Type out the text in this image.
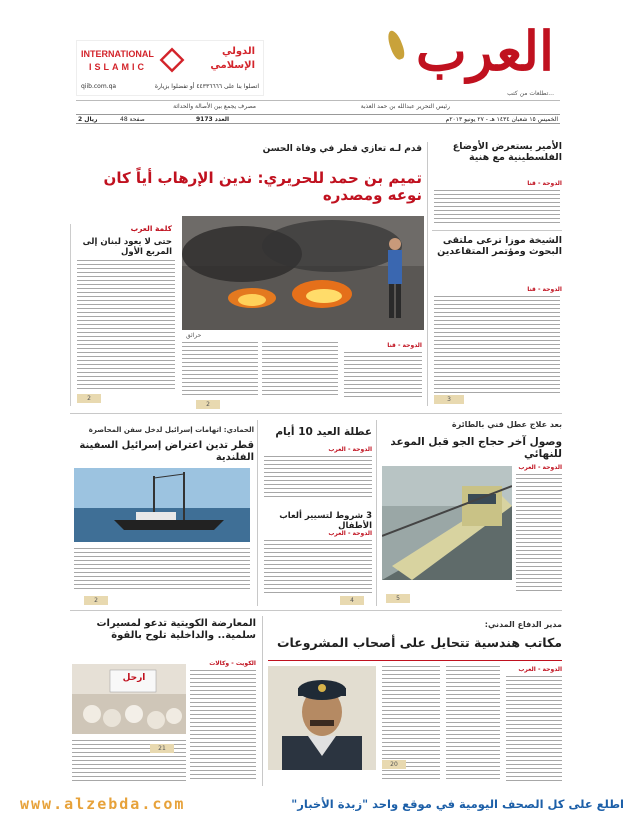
INTERNATIONAL
ISLAMIC
الدولي
الإسلامي
اتصلوا بنا على ٤٤٣٣٦٦٦٦ أو تفضلوا بزيارة
qiib.com.qa
العرب
...تطلعات من كتب
مصرف يجمع بين الأصالة والحداثة	رئيس التحرير عبدالله بن حمد العذبة
2 ريال	48 صفحة	العدد 9173	الخميس ١٥ شعبان ١٤٣٤ هـ - ٢٧ يونيو ٢٠١٣م
الأمير يستعرض الأوضاع الفلسطينية مع هنية
الدوحة - قنا
الشيخة موزا ترعى ملتقى البحوث ومؤتمر المتقاعدين
الدوحة - قنا
3
قدم لـه تعازي قطر في وفاة الحسن
تميم بن حمد للحريري: ندين الإرهاب أياً كان نوعه ومصدره
كلمة العرب
حتى لا يعود لبنان إلى المربع الأول
2
حرائق
الدوحة - قنا
2
بعد علاج عطل فني بالطائرة
وصول آخر حجاج الجو قبل الموعد للنهائي
الدوحة - العرب
5
عطلة العيد 10 أيام
الدوحة - العرب
3 شروط لتسيير ألعاب الأطفال
الدوحة - العرب
4
الحمادي: اتهامات إسرائيل لدخل سفن المحاصرة
قطر تدين اعتراض إسرائيل السفينة الفلندية
2
المعارضة الكويتية تدعو لمسيرات سلمية.. والداخلية تلوح بالقوة
الكويت - وكالات
ارحل
21
مدير الدفاع المدني:
مكاتب هندسية تتحايل على أصحاب المشروعات
الدوحة - العرب
20
www.alzebda.com	اطلع على كل الصحف اليومية في موقع واحد "زبدة الأخبار"
